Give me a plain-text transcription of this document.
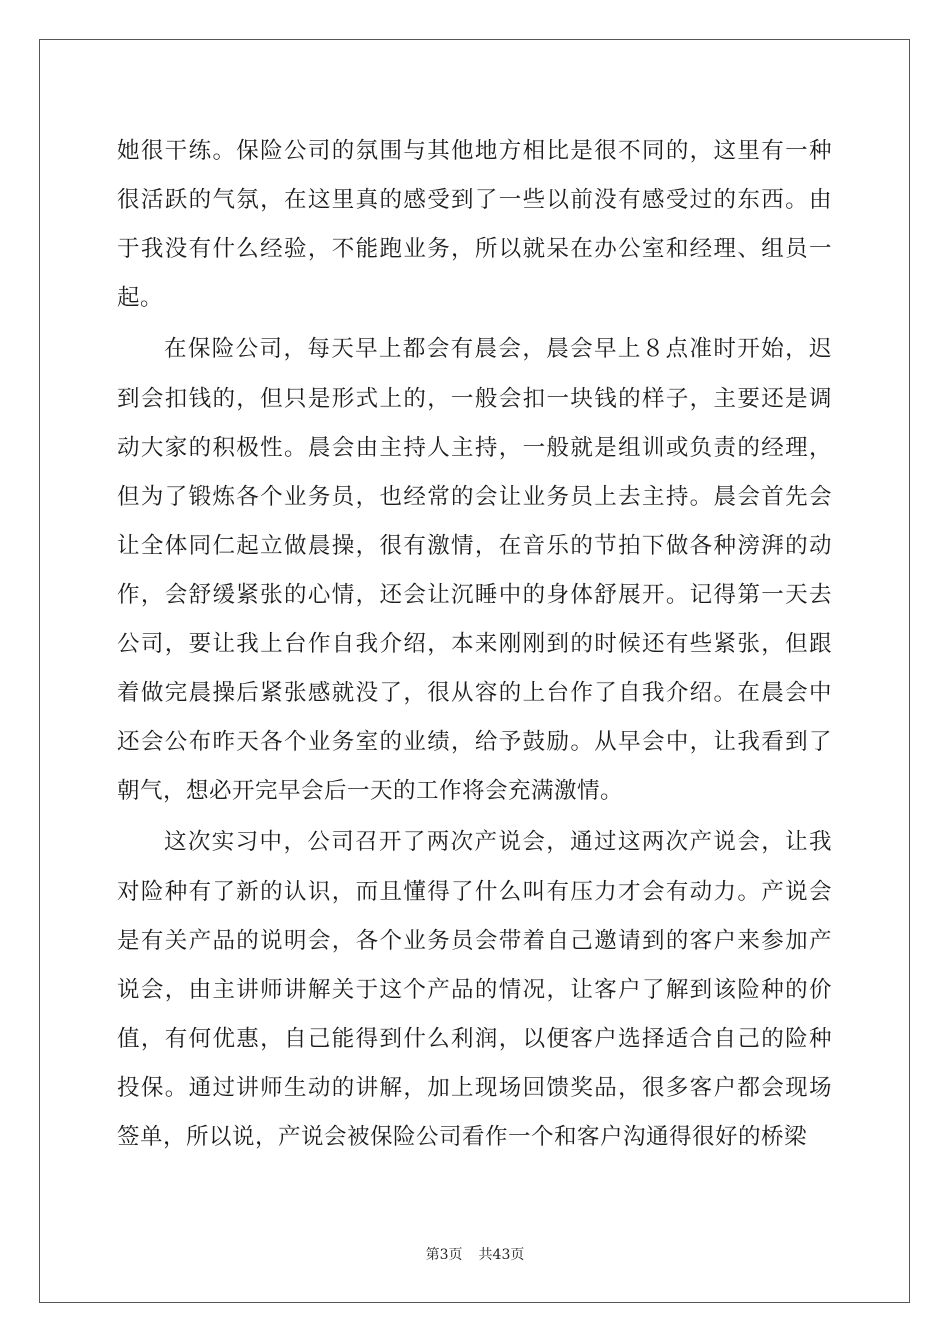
她很干练。保险公司的氛围与其他地方相比是很不同的，这里有一种
很活跃的气氛，在这里真的感受到了一些以前没有感受过的东西。由
于我没有什么经验，不能跑业务，所以就呆在办公室和经理、组员一
起。
在保险公司，每天早上都会有晨会，晨会早上８点准时开始，迟
到会扣钱的，但只是形式上的，一般会扣一块钱的样子，主要还是调
动大家的积极性。晨会由主持人主持，一般就是组训或负责的经理，
但为了锻炼各个业务员，也经常的会让业务员上去主持。晨会首先会
让全体同仁起立做晨操，很有激情，在音乐的节拍下做各种滂湃的动
作，会舒缓紧张的心情，还会让沉睡中的身体舒展开。记得第一天去
公司，要让我上台作自我介绍，本来刚刚到的时候还有些紧张，但跟
着做完晨操后紧张感就没了，很从容的上台作了自我介绍。在晨会中
还会公布昨天各个业务室的业绩，给予鼓励。从早会中，让我看到了
朝气，想必开完早会后一天的工作将会充满激情。
这次实习中，公司召开了两次产说会，通过这两次产说会，让我
对险种有了新的认识，而且懂得了什么叫有压力才会有动力。产说会
是有关产品的说明会，各个业务员会带着自己邀请到的客户来参加产
说会，由主讲师讲解关于这个产品的情况，让客户了解到该险种的价
值，有何优惠，自己能得到什么利润，以便客户选择适合自己的险种
投保。通过讲师生动的讲解，加上现场回馈奖品，很多客户都会现场
签单，所以说，产说会被保险公司看作一个和客户沟通得很好的桥梁
第3页 共43页
